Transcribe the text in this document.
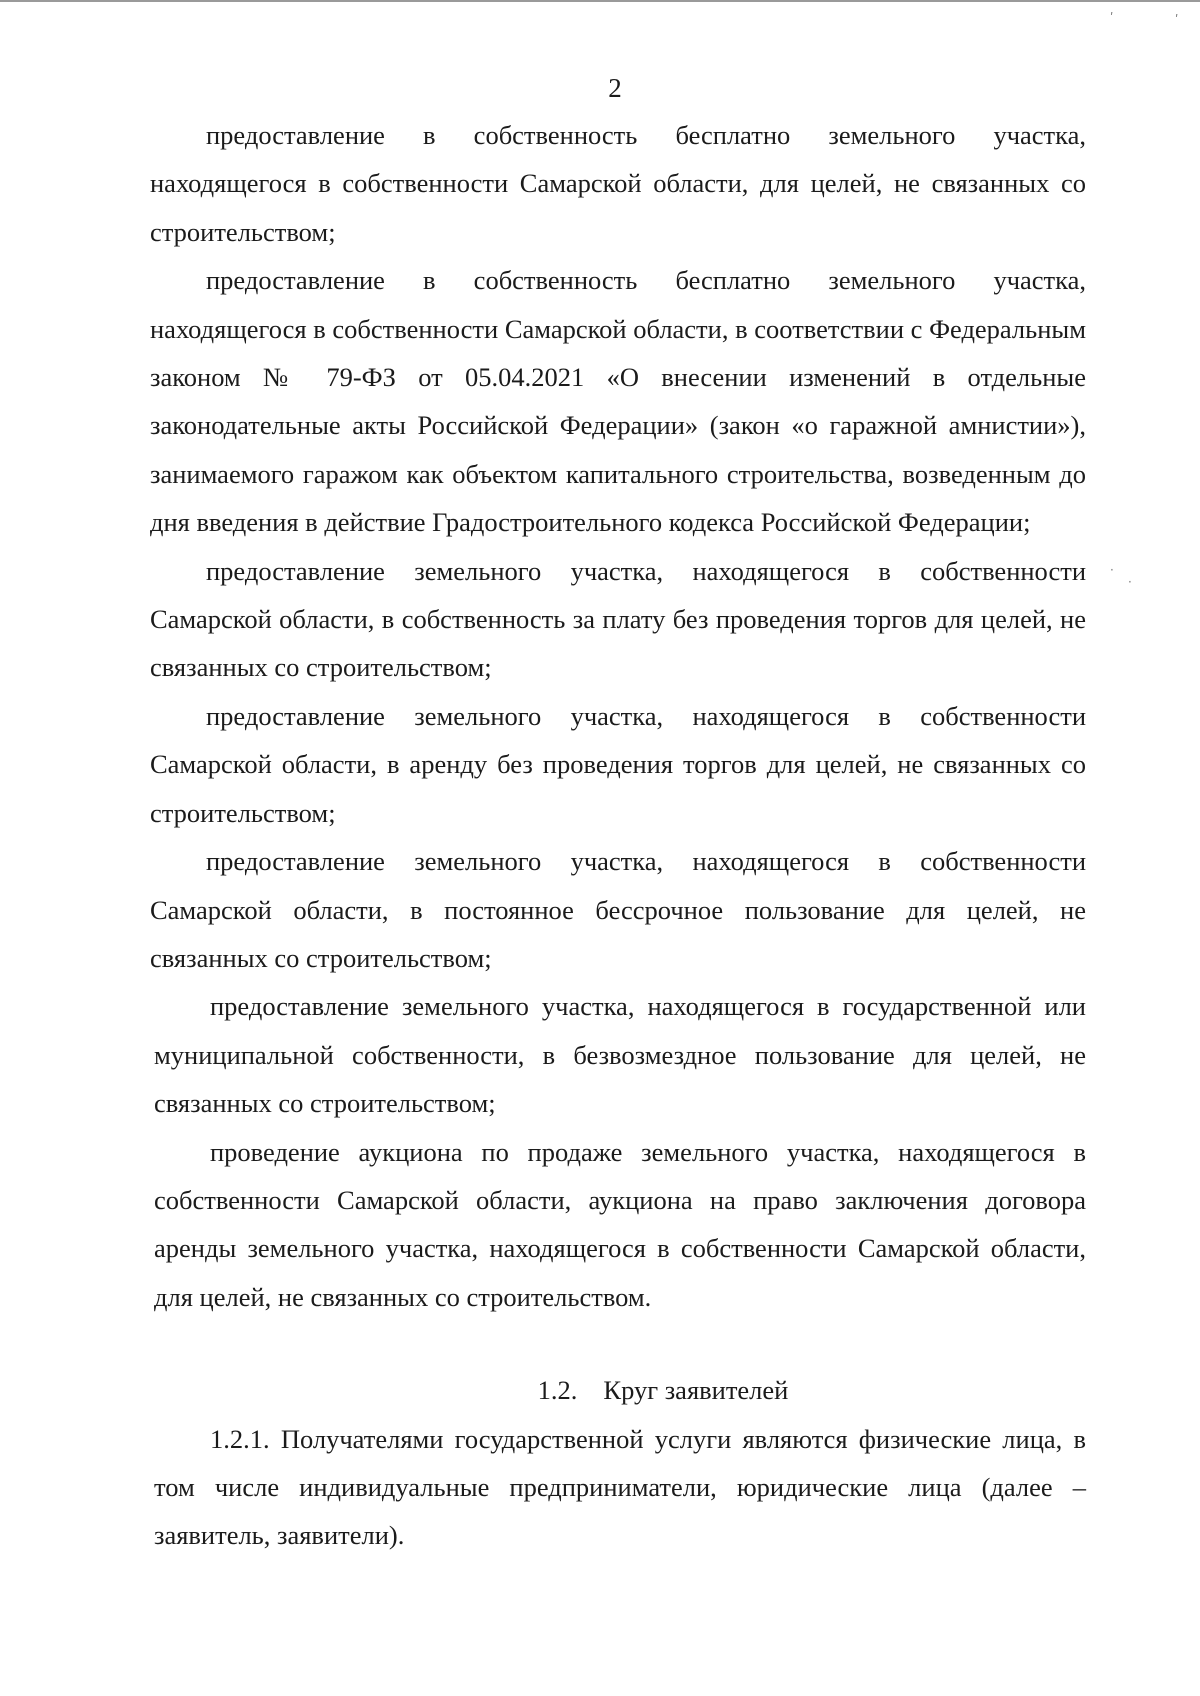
ʹ	ʹ
·
·
2

предоставление в собственность бесплатно земельного участка, находящегося в собственности Самарской области, для целей, не связанных со строительством;

предоставление в собственность бесплатно земельного участка, находящегося в собственности Самарской области, в соответствии с Федеральным законом № 79-ФЗ от 05.04.2021 «О внесении изменений в отдельные законодательные акты Российской Федерации» (закон «о гаражной амнистии»), занимаемого гаражом как объектом капитального строительства, возведенным до дня введения в действие Градостроительного кодекса Российской Федерации;

предоставление земельного участка, находящегося в собственности Самарской области, в собственность за плату без проведения торгов для целей, не связанных со строительством;

предоставление земельного участка, находящегося в собственности Самарской области, в аренду без проведения торгов для целей, не связанных со строительством;

предоставление земельного участка, находящегося в собственности Самарской области, в постоянное бессрочное пользование для целей, не связанных со строительством;

предоставление земельного участка, находящегося в государственной или муниципальной собственности, в безвозмездное пользование для целей, не связанных со строительством;

проведение аукциона по продаже земельного участка, находящегося в собственности Самарской области, аукциона на право заключения договора аренды земельного участка, находящегося в собственности Самарской области, для целей, не связанных со строительством.

1.2. Круг заявителей

1.2.1. Получателями государственной услуги являются физические лица, в том числе индивидуальные предприниматели, юридические лица (далее – заявитель, заявители).
